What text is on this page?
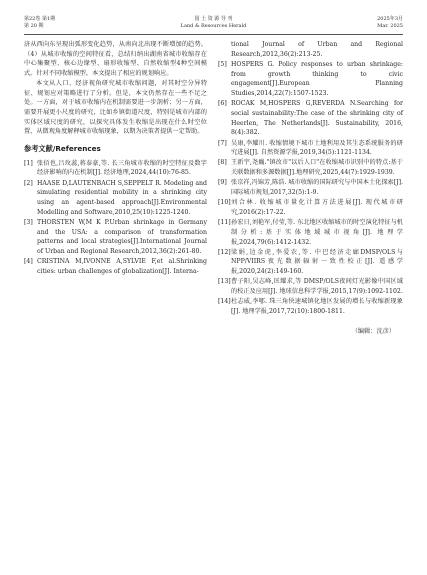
第22卷 第1期
第 20 期
国 土 资 源 导 刊
Land & Resources Herald
2025年3月
Mar. 2025

济从西向东呈现出弧形变化趋势，从南向北出现不断增加的趋势。（4）从城市收缩的空间特征看，总结归纳出湖南省城市收缩存在中心集聚型、核心边缘型、扇形收缩型、自然收缩型4种空间模式。针对不同收缩模型，本文提出了相应的规划响应。

本文从人口、经济视角研究城市收缩问题，对其时空分异特征、规划应对策略进行了分析。但是，本文仍然存在一些不足之处。一方面，对于城市收缩内在机制需要进一步剖析；另一方面，需要开展更小尺度的研究，比如乡镇街道尺度，特别是城市内部的实体区域尺度的研究，以探究具体发生收缩是出现在什么时空位置，从微观角度解释城市收缩现象，以期为决策者提供一定帮助。

参考文献/References
[1] 张佰也,吕玫蕊,蒋泰豪,等. 长三角城市收缩的时空特征及数字经济影响的内在机制[J]. 经济地理,2024,44(10):76-85.
[2] HAASE D,LAUTENBACH S,SEPPELT R. Modeling and simulating residential mobility in a shrinking city using an agent-based approach[J].Environmental Modelling and Software,2010,25(10):1225-1240.
[3] THORSTEN W,M K P.Urban shrinkage in Germany and the USA: a comparison of transformation patterns and local strategies[J].International Journal of Urban and Regional Research,2012,36(2):261-80.
[4] CRISTINA M,IVONNE A,SYLVIE F,et al.Shrinking cities: urban challenges of globalization[J]. Interna-
tional Journal of Urban and Regional Research,2012,36(2):213-25.
[5] HOSPERS G. Policy responses to urban shrinkage: from growth thinking to civic engagement[J].European Planning Studies,2014,22(7):1507-1523.
[6] ROCAK M,HOSPERS G,REVERDA N.Searching for social sustainability:The case of the shrinking city of Heerlen, The Netherlands[J]. Sustainability, 2016, 8(4):382.
[7] 吴康,李耀川. 收缩情境下城市土地利用及其生态系统服务的研究进展[J]. 自然资源学报,2019,34(5):1121-1134.
[8] 王新宇,尧巍."镇改市"以后人口"在收缩城市识别中的特点:基于关联数据和多源数据[J].地理研究,2025,44(7):1929-1939.
[9] 张京祥,冯锦芳,陈浩. 城市收缩的国际研究与中国本土化探索[J]. 国际城市规划,2017,32(5):1-9.
[10] 刘合林. 收缩城市量化计算方法进展[J]. 现代城市研究,2016(2):17-22.
[11] 孙宏日,刘艳军,付莹,等. 东北地区收缩城市的时空演化特征与机制分析:基于实体地域城市视角[J]. 地理学报,2024,79(6):1412-1432.
[12] 梁娟,边金虎,李爱农,等. 中巴经济走廊DMSP/OLS与NPP/VIIRS夜光数据辐射一致性校正[J]. 遥感学报,2020,24(2):149-160.
[13] 曹子阳,吴志峰,匡耀求,等 DMSP/OLS夜间灯光影像中国区域的校正及应用[J]. 地球信息科学学报,2015,17(9):1092-1102.
[14] 杜志威,李郇. 珠三角快速城镇化地区发展的增长与收缩新现象[J]. 地理学报,2017,72(10):1800-1811.
（编辑：沈彦）
